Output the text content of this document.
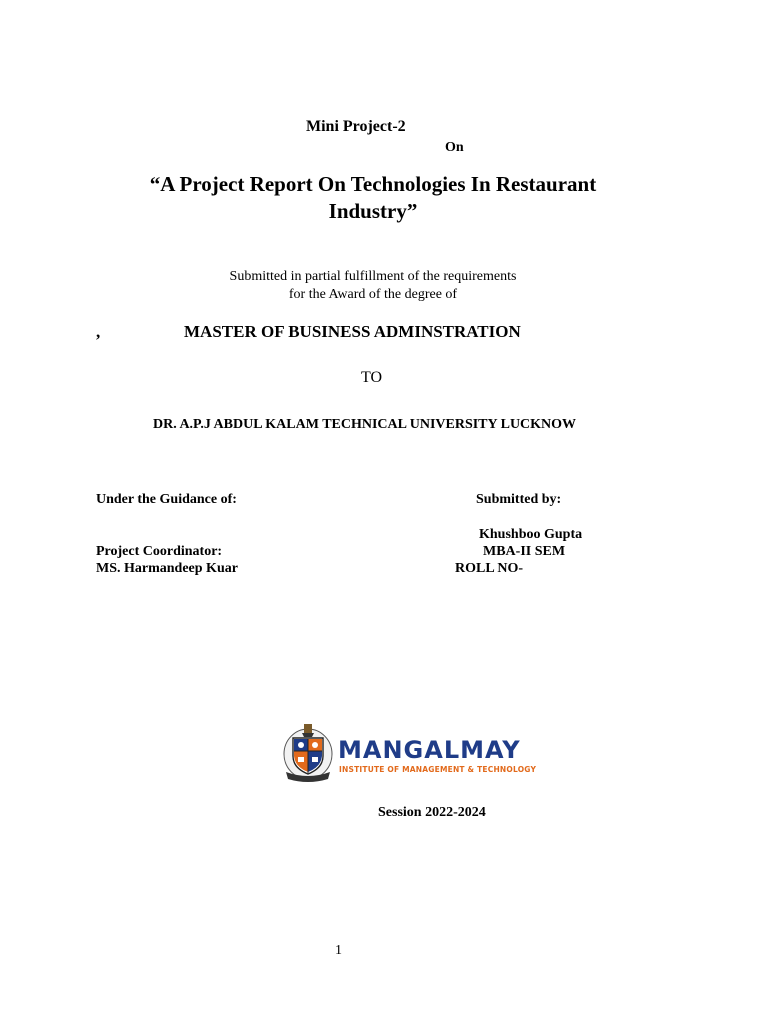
Mini Project-2
On
“A Project Report On Technologies In Restaurant Industry”
Submitted in partial fulfillment of the requirements
for the Award of the degree of
,	MASTER OF BUSINESS ADMINSTRATION
TO
DR. A.P.J ABDUL KALAM TECHNICAL UNIVERSITY LUCKNOW
Under the Guidance of:	Submitted by:
Khushboo Gupta
Project Coordinator:	MBA-II SEM
MS. Harmandeep Kuar	ROLL NO-
MANGALMAY
INSTITUTE OF MANAGEMENT & TECHNOLOGY
Session 2022-2024
1
